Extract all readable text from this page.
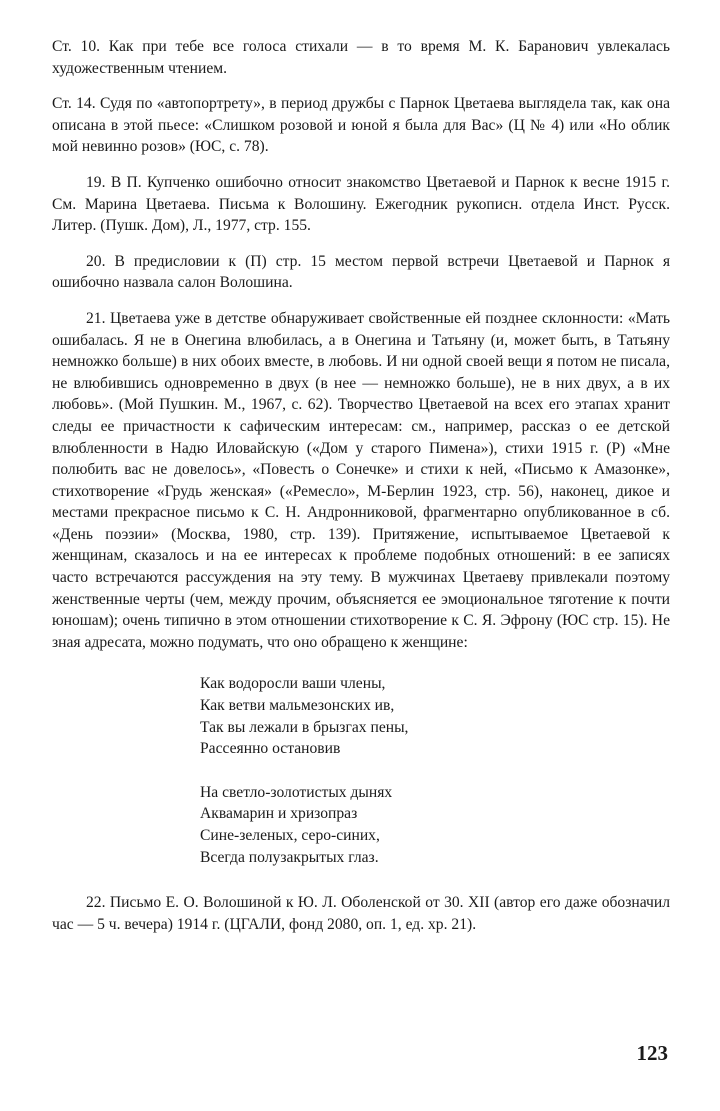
Ст. 10. Как при тебе все голоса стихали — в то время М. К. Баранович увлекалась художественным чтением.

Ст. 14. Судя по «автопортрету», в период дружбы с Парнок Цветаева выглядела так, как она описана в этой пьесе: «Слишком розовой и юной я была для Вас» (Ц № 4) или «Но облик мой невинно розов» (ЮС, с. 78).

19. В П. Купченко ошибочно относит знакомство Цветаевой и Парнок к весне 1915 г. См. Марина Цветаева. Письма к Волошину. Ежегодник рукописн. отдела Инст. Русск. Литер. (Пушк. Дом), Л., 1977, стр. 155.

20. В предисловии к (П) стр. 15 местом первой встречи Цветаевой и Парнок я ошибочно назвала салон Волошина.

21. Цветаева уже в детстве обнаруживает свойственные ей позднее склонности: «Мать ошибалась. Я не в Онегина влюбилась, а в Онегина и Татьяну (и, может быть, в Татьяну немножко больше) в них обоих вместе, в любовь. И ни одной своей вещи я потом не писала, не влюбившись одновременно в двух (в нее — немножко больше), не в них двух, а в их любовь». (Мой Пушкин. М., 1967, с. 62). Творчество Цветаевой на всех его этапах хранит следы ее причастности к сафическим интересам: см., например, рассказ о ее детской влюбленности в Надю Иловайскую («Дом у старого Пимена»), стихи 1915 г. (Р) «Мне полюбить вас не довелось», «Повесть о Сонечке» и стихи к ней, «Письмо к Амазонке», стихотворение «Грудь женская» («Ремесло», М-Берлин 1923, стр. 56), наконец, дикое и местами прекрасное письмо к С. Н. Андронниковой, фрагментарно опубликованное в сб. «День поэзии» (Москва, 1980, стр. 139). Притяжение, испытываемое Цветаевой к женщинам, сказалось и на ее интересах к проблеме подобных отношений: в ее записях часто встречаются рассуждения на эту тему. В мужчинах Цветаеву привлекали поэтому женственные черты (чем, между прочим, объясняется ее эмоциональное тяготение к почти юношам); очень типично в этом отношении стихотворение к С. Я. Эфрону (ЮС стр. 15). Не зная адресата, можно подумать, что оно обращено к женщине:

Как водоросли ваши члены,
Как ветви мальмезонских ив,
Так вы лежали в брызгах пены,
Рассеянно остановив
На светло-золотистых дынях
Аквамарин и хризопраз
Сине-зеленых, серо-синих,
Всегда полузакрытых глаз.

22. Письмо Е. О. Волошиной к Ю. Л. Оболенской от 30. XII (автор его даже обозначил час — 5 ч. вечера) 1914 г. (ЦГАЛИ, фонд 2080, оп. 1, ед. хр. 21).

123
